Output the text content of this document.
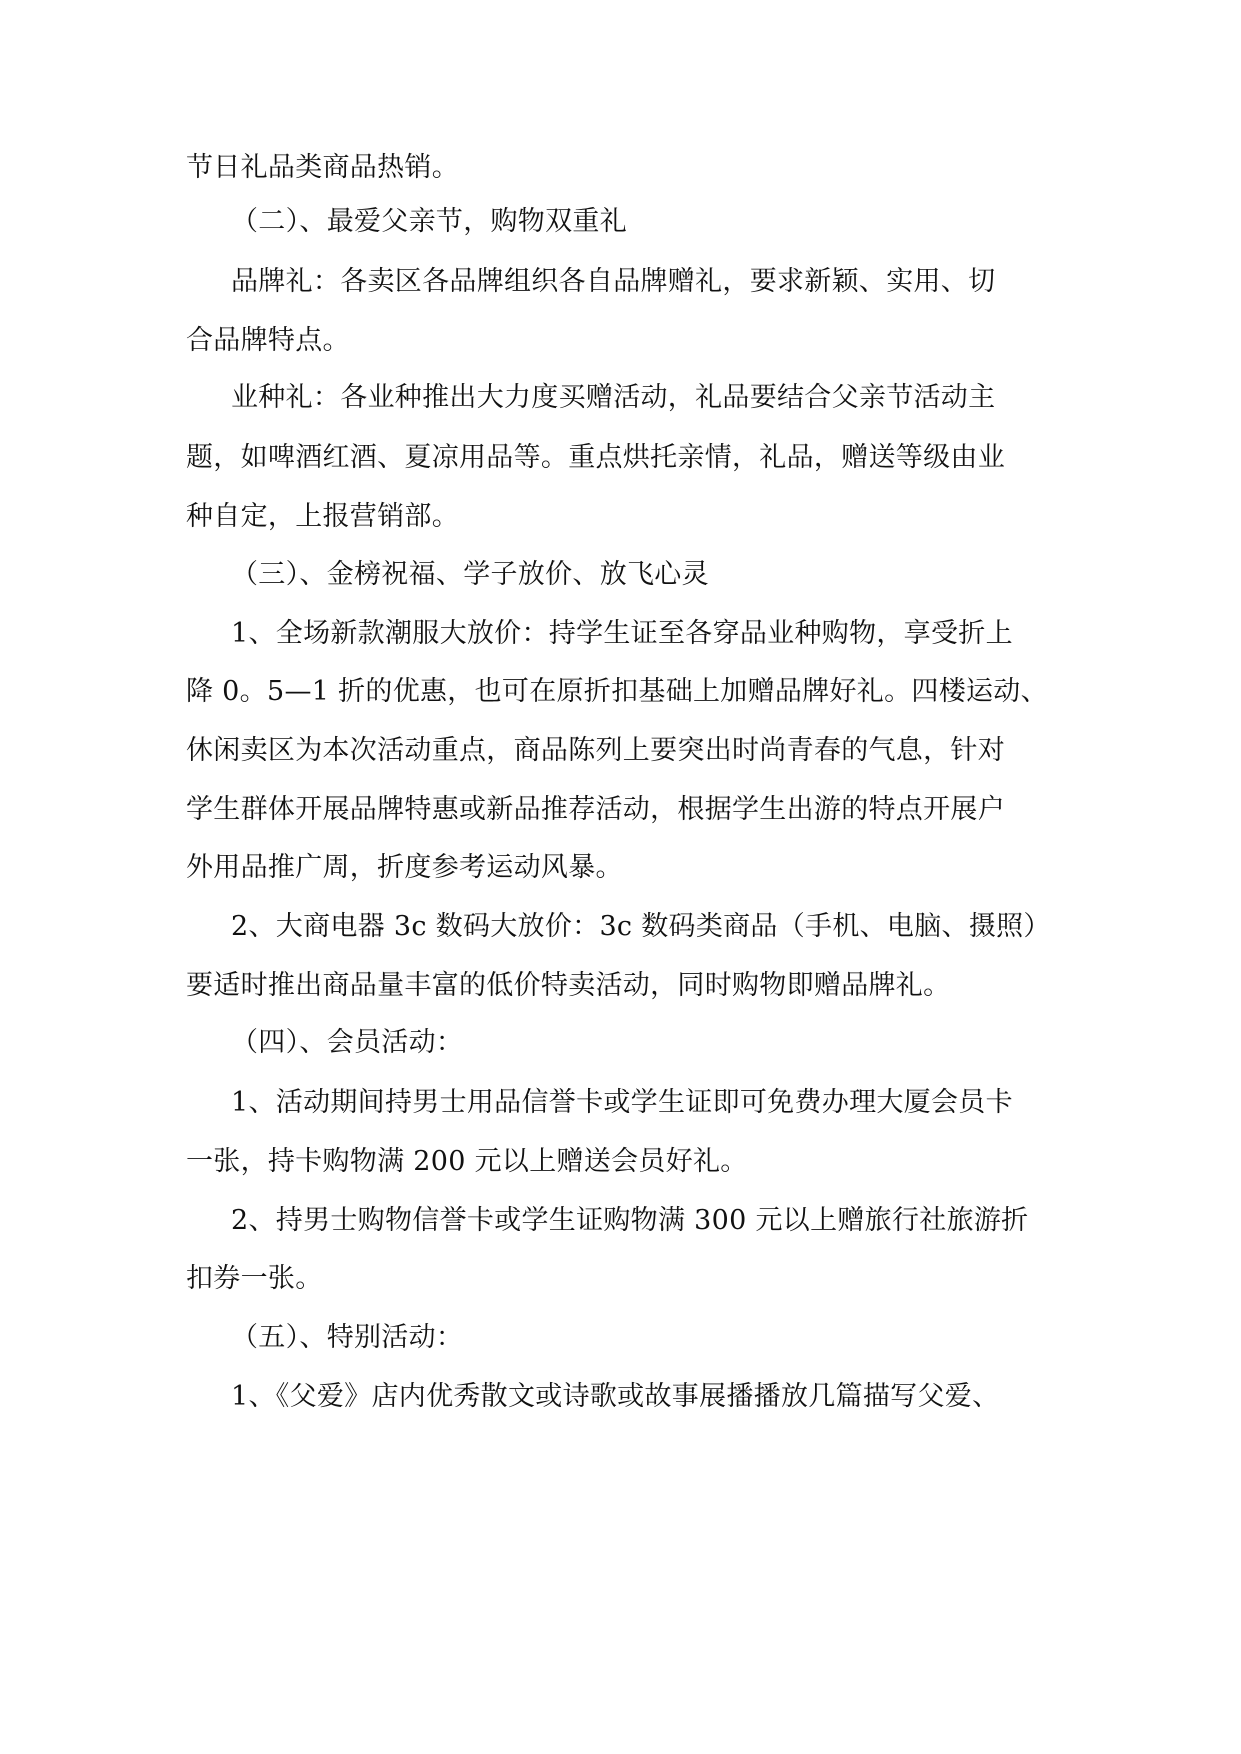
节日礼品类商品热销。
（二）、最爱父亲节，购物双重礼
品牌礼：各卖区各品牌组织各自品牌赠礼，要求新颖、实用、切
合品牌特点。
业种礼：各业种推出大力度买赠活动，礼品要结合父亲节活动主
题，如啤酒红酒、夏凉用品等。重点烘托亲情，礼品，赠送等级由业
种自定，上报营销部。
（三）、金榜祝福、学子放价、放飞心灵
1、全场新款潮服大放价：持学生证至各穿品业种购物，享受折上
降 0。5—1 折的优惠，也可在原折扣基础上加赠品牌好礼。四楼运动、
休闲卖区为本次活动重点，商品陈列上要突出时尚青春的气息，针对
学生群体开展品牌特惠或新品推荐活动，根据学生出游的特点开展户
外用品推广周，折度参考运动风暴。
2、大商电器 3c 数码大放价：3c 数码类商品（手机、电脑、摄照）
要适时推出商品量丰富的低价特卖活动，同时购物即赠品牌礼。
（四）、会员活动：
1、活动期间持男士用品信誉卡或学生证即可免费办理大厦会员卡
一张，持卡购物满 200 元以上赠送会员好礼。
2、持男士购物信誉卡或学生证购物满 300 元以上赠旅行社旅游折
扣券一张。
（五）、特别活动：
1、《父爱》店内优秀散文或诗歌或故事展播播放几篇描写父爱、
